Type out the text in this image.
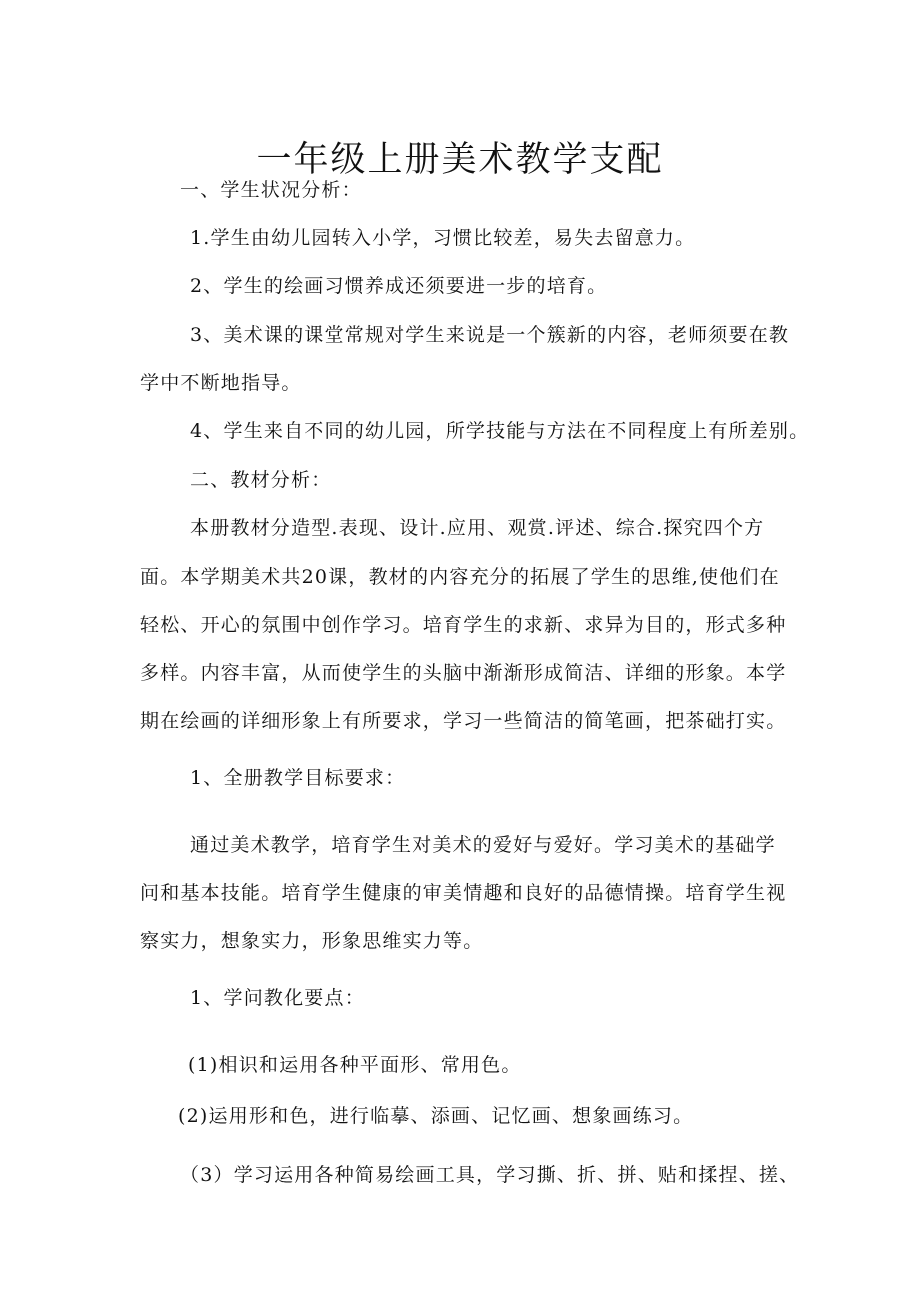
一年级上册美术教学支配
一、学生状况分析：
1.学生由幼儿园转入小学，习惯比较差，易失去留意力。
2、学生的绘画习惯养成还须要进一步的培育。
3、美术课的课堂常规对学生来说是一个簇新的内容，老师须要在教
学中不断地指导。
4、学生来自不同的幼儿园，所学技能与方法在不同程度上有所差别。
二、教材分析：
本册教材分造型.表现、设计.应用、观赏.评述、综合.探究四个方
面。本学期美术共20课，教材的内容充分的拓展了学生的思维,使他们在
轻松、开心的氛围中创作学习。培育学生的求新、求异为目的，形式多种
多样。内容丰富，从而使学生的头脑中渐渐形成简洁、详细的形象。本学
期在绘画的详细形象上有所要求，学习一些简洁的简笔画，把茶础打实。
1、全册教学目标要求：
通过美术教学，培育学生对美术的爱好与爱好。学习美术的基础学
问和基本技能。培育学生健康的审美情趣和良好的品德情操。培育学生视
察实力，想象实力，形象思维实力等。
1、学问教化要点：
(1)相识和运用各种平面形、常用色。
(2)运用形和色，进行临摹、添画、记忆画、想象画练习。
（3）学习运用各种简易绘画工具，学习撕、折、拼、贴和揉捏、搓、
